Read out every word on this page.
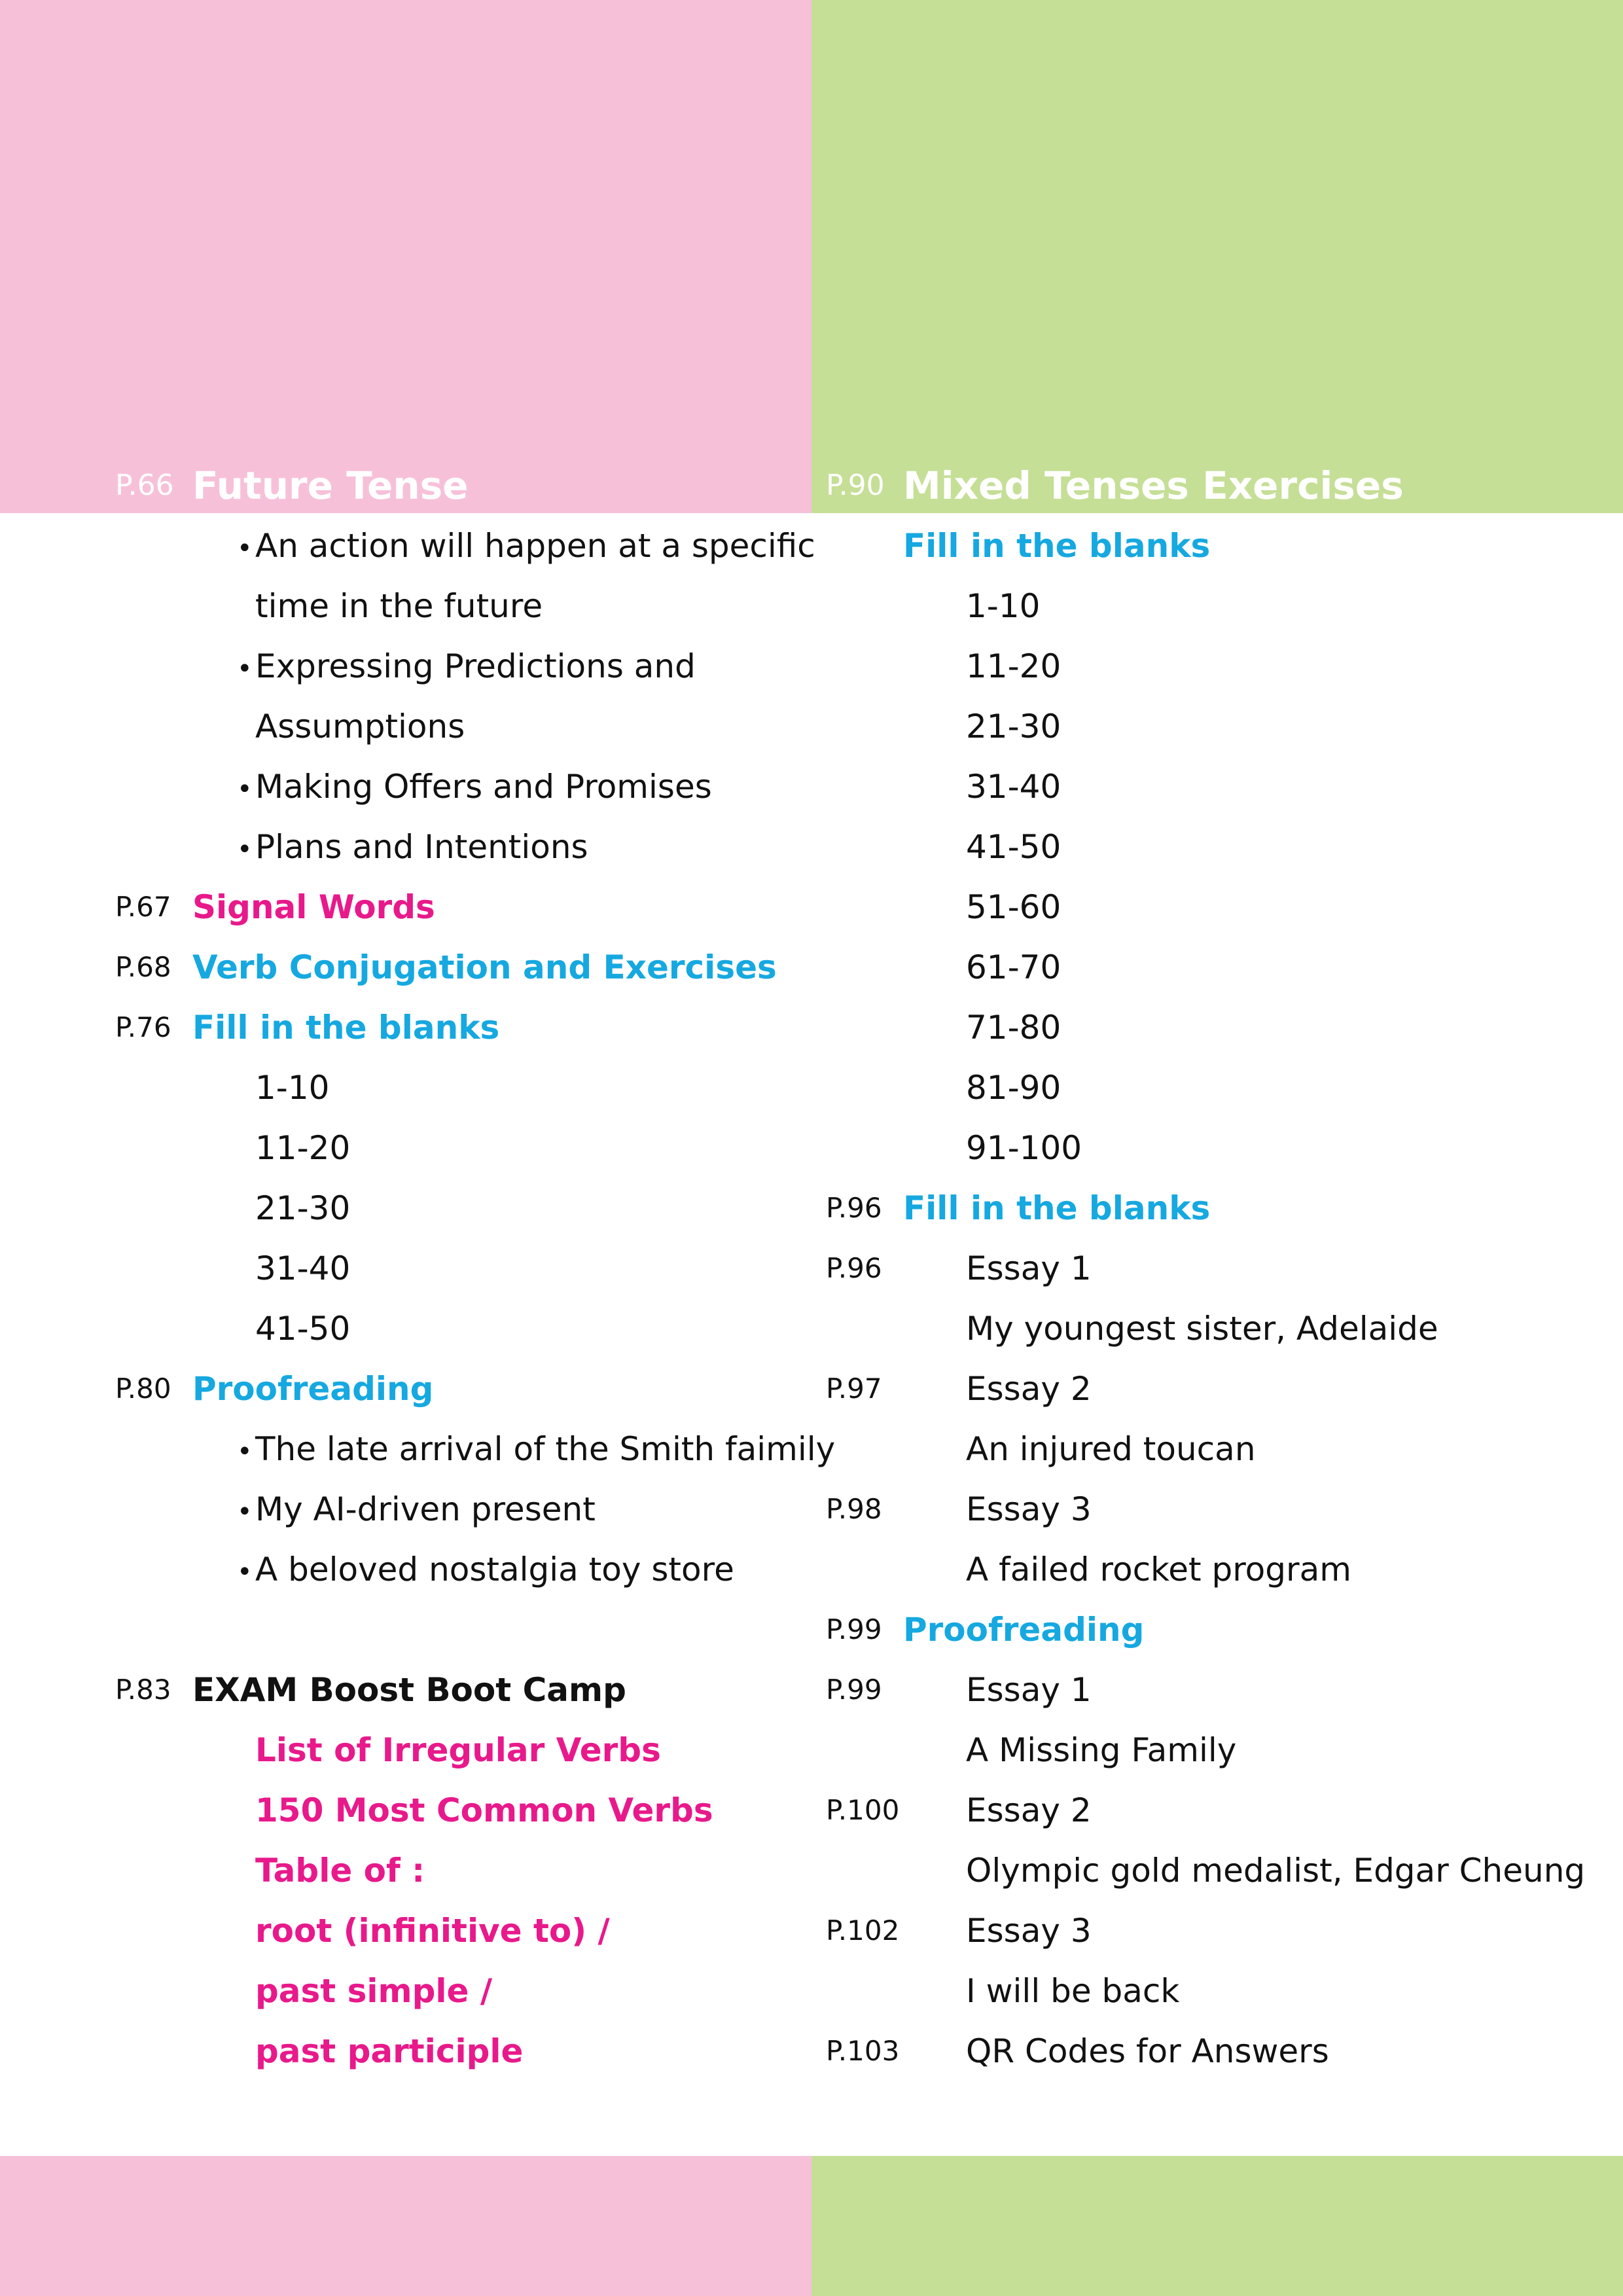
P.66 Future Tense
•An action will happen at a specific
time in the future
•Expressing Predictions and
Assumptions
•Making Offers and Promises
•Plans and Intentions
P.67 Signal Words
P.68 Verb Conjugation and Exercises
P.76 Fill in the blanks
1-10
11-20
21-30
31-40
41-50
P.80 Proofreading
•The late arrival of the Smith faimily
•My AI-driven present
•A beloved nostalgia toy store
P.83 EXAM Boost Boot Camp
List of Irregular Verbs
150 Most Common Verbs
Table of :
root (infinitive to) /
past simple /
past participle
P.90 Mixed Tenses Exercises
Fill in the blanks
1-10
11-20
21-30
31-40
41-50
51-60
61-70
71-80
81-90
91-100
P.96 Fill in the blanks
P.96	Essay 1
My youngest sister, Adelaide
P.97	Essay 2
An injured toucan
P.98	Essay 3
A failed rocket program
P.99 Proofreading
P.99	Essay 1
A Missing Family
P.100 Essay 2
Olympic gold medalist, Edgar Cheung
P.102 Essay 3
I will be back
P.103 QR Codes for Answers
